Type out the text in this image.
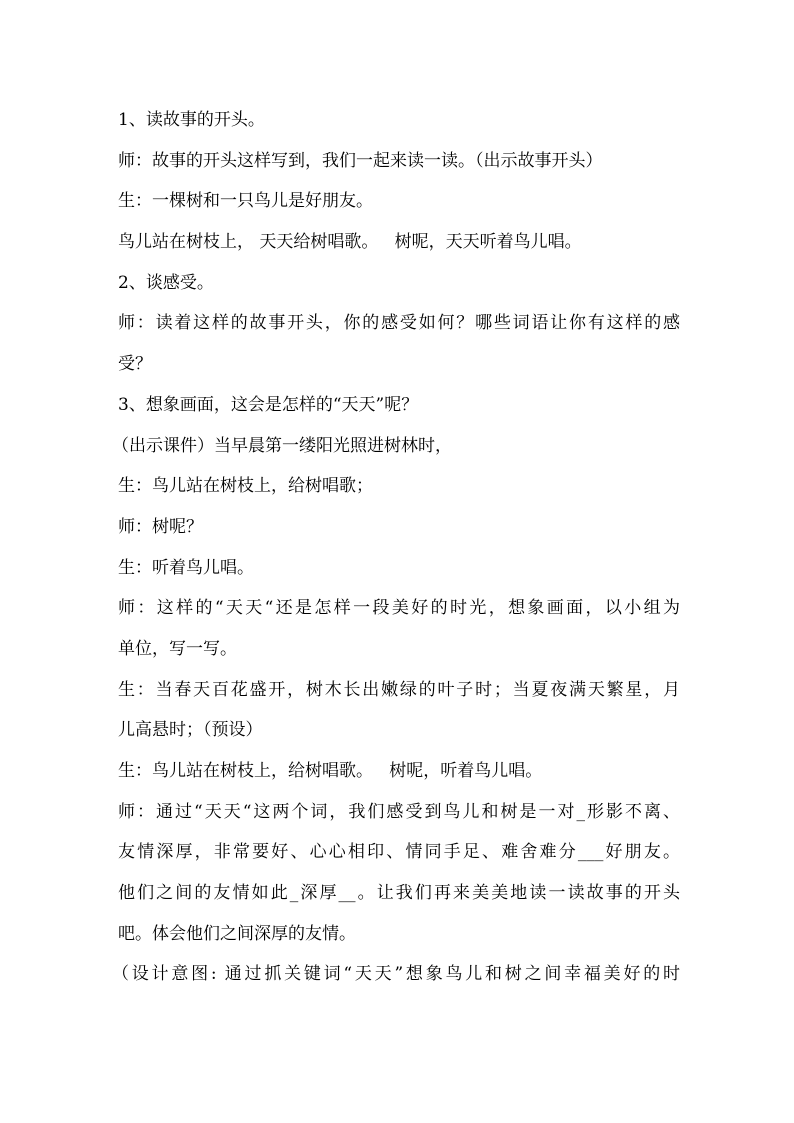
1、读故事的开头。
师：故事的开头这样写到，我们一起来读一读。（出示故事开头）
生：一棵树和一只鸟儿是好朋友。
鸟儿站在树枝上， 天天给树唱歌。   树呢，天天听着鸟儿唱。
2、谈感受。
师：读着这样的故事开头，你的感受如何？哪些词语让你有这样的感
受？
3、想象画面，这会是怎样的“天天”呢？
（出示课件）当早晨第一缕阳光照进树林时，
生：鸟儿站在树枝上，给树唱歌；
师：树呢？
生：听着鸟儿唱。
师：这样的“天天“还是怎样一段美好的时光，想象画面，以小组为
单位，写一写。
生：当春天百花盛开，树木长出嫩绿的叶子时；当夏夜满天繁星，月
儿高悬时；（预设）
生：鸟儿站在树枝上，给树唱歌。   树呢，听着鸟儿唱。
师：通过“天天“这两个词，我们感受到鸟儿和树是一对_形影不离、
友情深厚，非常要好、心心相印、情同手足、难舍难分___好朋友。
他们之间的友情如此_深厚__。让我们再来美美地读一读故事的开头
吧。体会他们之间深厚的友情。
（设计意图: 通过抓关键词“天天”想象鸟儿和树之间幸福美好的时
